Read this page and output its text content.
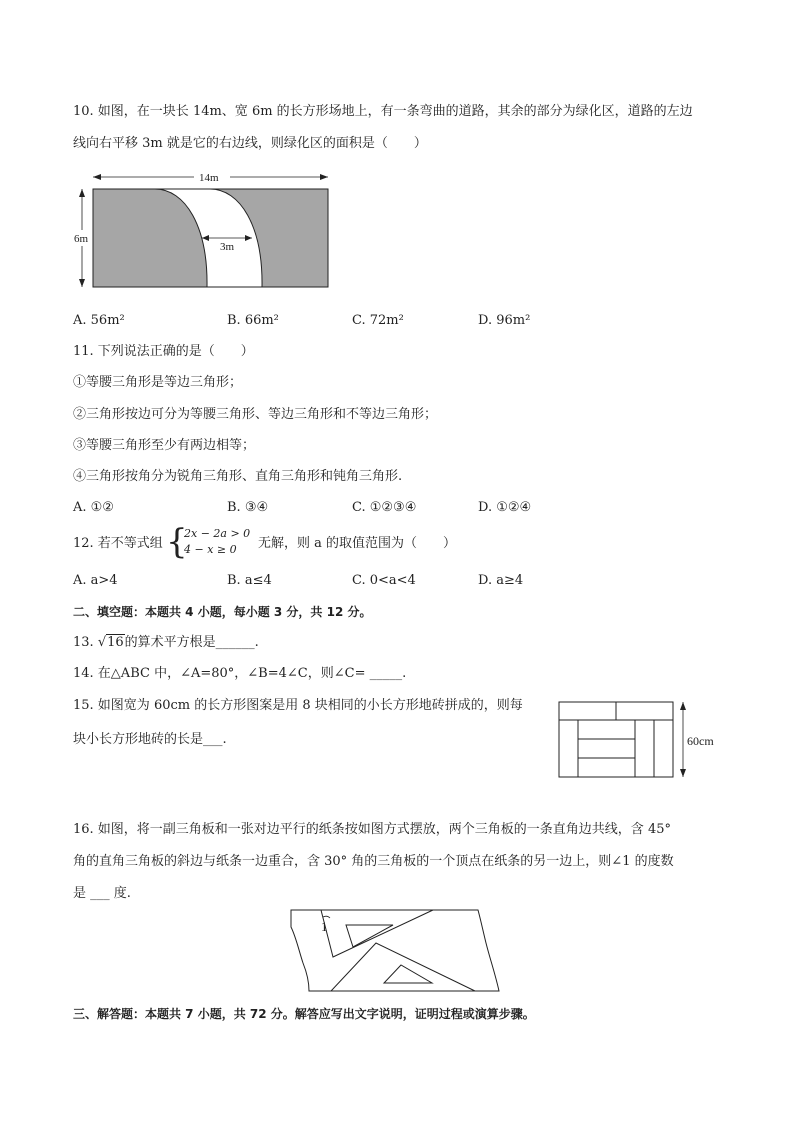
10. 如图，在一块长 14m、宽 6m 的长方形场地上，有一条弯曲的道路，其余的部分为绿化区，道路的左边
线向右平移 3m 就是它的右边线，则绿化区的面积是（　　）
14m
6m
3m
A. 56m²	B. 66m²	C. 72m²	D. 96m²
11. 下列说法正确的是（　　）
①等腰三角形是等边三角形；
②三角形按边可分为等腰三角形、等边三角形和不等边三角形；
③等腰三角形至少有两边相等；
④三角形按角分为锐角三角形、直角三角形和钝角三角形.
A. ①②	B. ③④	C. ①②③④	D. ①②④
12. 若不等式组 {
2x − 2a > 0
4 − x ≥ 0 无解，则 a 的取值范围为（　　）
A. a>4	B. a≤4	C. 0<a<4	D. a≥4
二、填空题：本题共 4 小题，每小题 3 分，共 12 分。
13. √16的算术平方根是______.
14. 在△ABC 中，∠A=80°，∠B=4∠C，则∠C= _____.
15. 如图宽为 60cm 的长方形图案是用 8 块相同的小长方形地砖拼成的，则每
块小长方形地砖的长是___.	60cm
16. 如图，将一副三角板和一张对边平行的纸条按如图方式摆放，两个三角板的一条直角边共线，含 45°
角的直角三角板的斜边与纸条一边重合，含 30° 角的三角板的一个顶点在纸条的另一边上，则∠1 的度数
是 ___ 度.
1
三、解答题：本题共 7 小题，共 72 分。解答应写出文字说明，证明过程或演算步骤。
